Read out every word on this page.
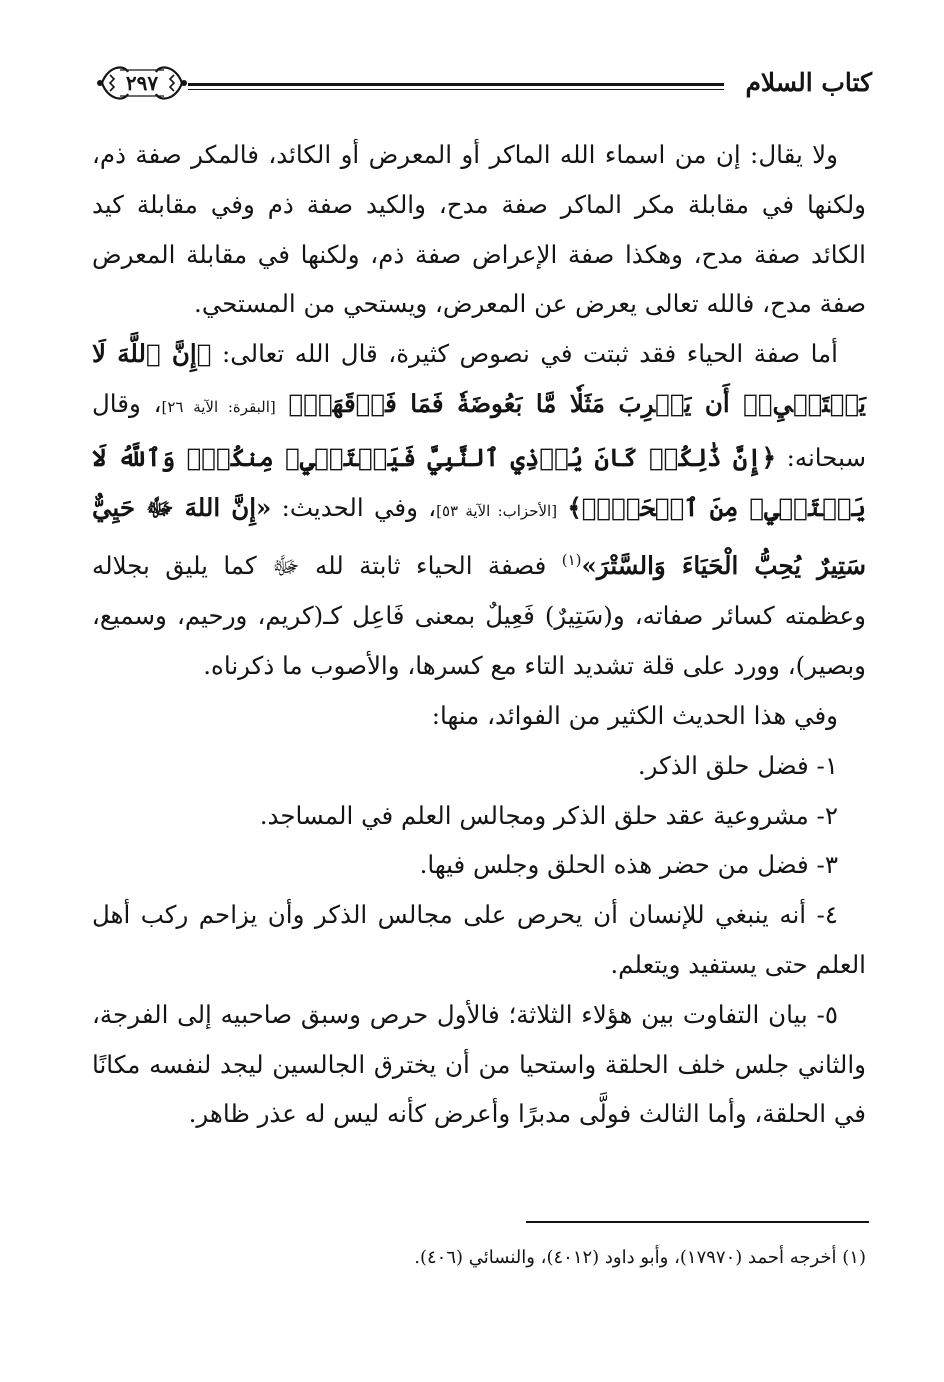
كتاب السلام
٢٩٧

ولا يقال: إن من اسماء الله الماكر أو المعرض أو الكائد، فالمكر صفة ذم، ولكنها في مقابلة مكر الماكر صفة مدح، والكيد صفة ذم وفي مقابلة كيد الكائد صفة مدح، وهكذا صفة الإعراض صفة ذم، ولكنها في مقابلة المعرض صفة مدح، فالله تعالى يعرض عن المعرض، ويستحي من المستحي.

أما صفة الحياء فقد ثبتت في نصوص كثيرة، قال الله تعالى: ﴿إِنَّ ٱللَّهَ لَا يَسۡتَحۡيِۦٓ أَن يَضۡرِبَ مَثَلٗا مَّا بَعُوضَةٗ فَمَا فَوۡقَهَاۚ﴾ [البقرة: الآية ٢٦]، وقال سبحانه: ﴿إِنَّ ذَٰلِكُمۡ كَانَ يُؤۡذِي ٱلنَّبِيَّ فَيَسۡتَحۡيِۦ مِنكُمۡۖ وَٱللَّهُ لَا يَسۡتَحۡيِۦ مِنَ ٱلۡحَقِّۚ﴾ [الأحزاب: الآية ٥٣]، وفي الحديث: «إِنَّ اللهَ ﷻ حَيِيٌّ سَتِيرٌ يُحِبُّ الْحَيَاءَ وَالسَّتْرَ»$^{(١)}$ فصفة الحياء ثابتة لله ﷻ كما يليق بجلاله وعظمته كسائر صفاته، و(سَتِيرٌ) فَعِيلٌ بمعنى فَاعِل كـ(كريم، ورحيم، وسميع، وبصير)، وورد على قلة تشديد التاء مع كسرها، والأصوب ما ذكرناه.

وفي هذا الحديث الكثير من الفوائد، منها:

١- فضل حلق الذكر.

٢- مشروعية عقد حلق الذكر ومجالس العلم في المساجد.

٣- فضل من حضر هذه الحلق وجلس فيها.

٤- أنه ينبغي للإنسان أن يحرص على مجالس الذكر وأن يزاحم ركب أهل العلم حتى يستفيد ويتعلم.

٥- بيان التفاوت بين هؤلاء الثلاثة؛ فالأول حرص وسبق صاحبيه إلى الفرجة، والثاني جلس خلف الحلقة واستحيا من أن يخترق الجالسين ليجد لنفسه مكانًا في الحلقة، وأما الثالث فولَّى مدبرًا وأعرض كأنه ليس له عذر ظاهر.

(١) أخرجه أحمد (١٧٩٧٠)، وأبو داود (٤٠١٢)، والنسائي (٤٠٦).
